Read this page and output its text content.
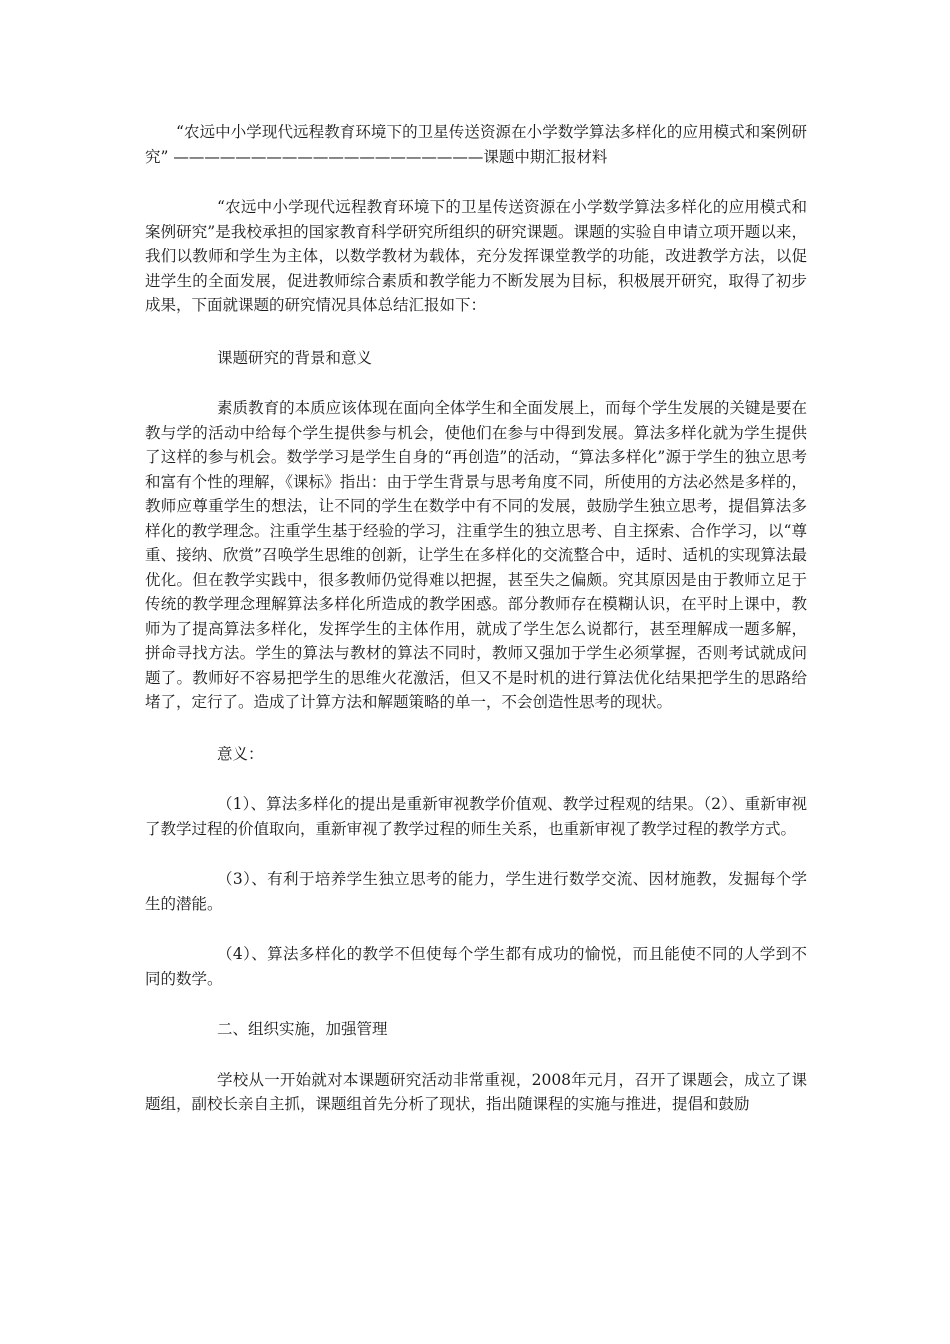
“农远中小学现代远程教育环境下的卫星传送资源在小学数学算法多样化的应用模式和案例研究” ————————————————————课题中期汇报材料

“农远中小学现代远程教育环境下的卫星传送资源在小学数学算法多样化的应用模式和案例研究”是我校承担的国家教育科学研究所组织的研究课题。课题的实验自申请立项开题以来，我们以教师和学生为主体，以数学教材为载体，充分发挥课堂教学的功能，改进教学方法，以促进学生的全面发展，促进教师综合素质和教学能力不断发展为目标，积极展开研究，取得了初步成果，下面就课题的研究情况具体总结汇报如下：

课题研究的背景和意义

素质教育的本质应该体现在面向全体学生和全面发展上，而每个学生发展的关键是要在教与学的活动中给每个学生提供参与机会，使他们在参与中得到发展。算法多样化就为学生提供了这样的参与机会。数学学习是学生自身的“再创造”的活动，“算法多样化”源于学生的独立思考和富有个性的理解，《课标》指出：由于学生背景与思考角度不同，所使用的方法必然是多样的，教师应尊重学生的想法，让不同的学生在数学中有不同的发展，鼓励学生独立思考，提倡算法多样化的教学理念。注重学生基于经验的学习，注重学生的独立思考、自主探索、合作学习，以“尊重、接纳、欣赏”召唤学生思维的创新，让学生在多样化的交流整合中，适时、适机的实现算法最优化。但在教学实践中，很多教师仍觉得难以把握，甚至失之偏颇。究其原因是由于教师立足于传统的教学理念理解算法多样化所造成的教学困惑。部分教师存在模糊认识，在平时上课中，教师为了提高算法多样化，发挥学生的主体作用，就成了学生怎么说都行，甚至理解成一题多解，拼命寻找方法。学生的算法与教材的算法不同时，教师又强加于学生必须掌握，否则考试就成问题了。教师好不容易把学生的思维火花激活，但又不是时机的进行算法优化结果把学生的思路给堵了，定行了。造成了计算方法和解题策略的单一，不会创造性思考的现状。

意义：

（1）、算法多样化的提出是重新审视教学价值观、教学过程观的结果。（2）、重新审视了教学过程的价值取向，重新审视了教学过程的师生关系，也重新审视了教学过程的教学方式。

（3）、有利于培养学生独立思考的能力，学生进行数学交流、因材施教，发掘每个学生的潜能。

（4）、算法多样化的教学不但使每个学生都有成功的愉悦，而且能使不同的人学到不同的数学。

二、组织实施，加强管理

学校从一开始就对本课题研究活动非常重视，2008年元月，召开了课题会，成立了课题组，副校长亲自主抓，课题组首先分析了现状，指出随课程的实施与推进，提倡和鼓励
